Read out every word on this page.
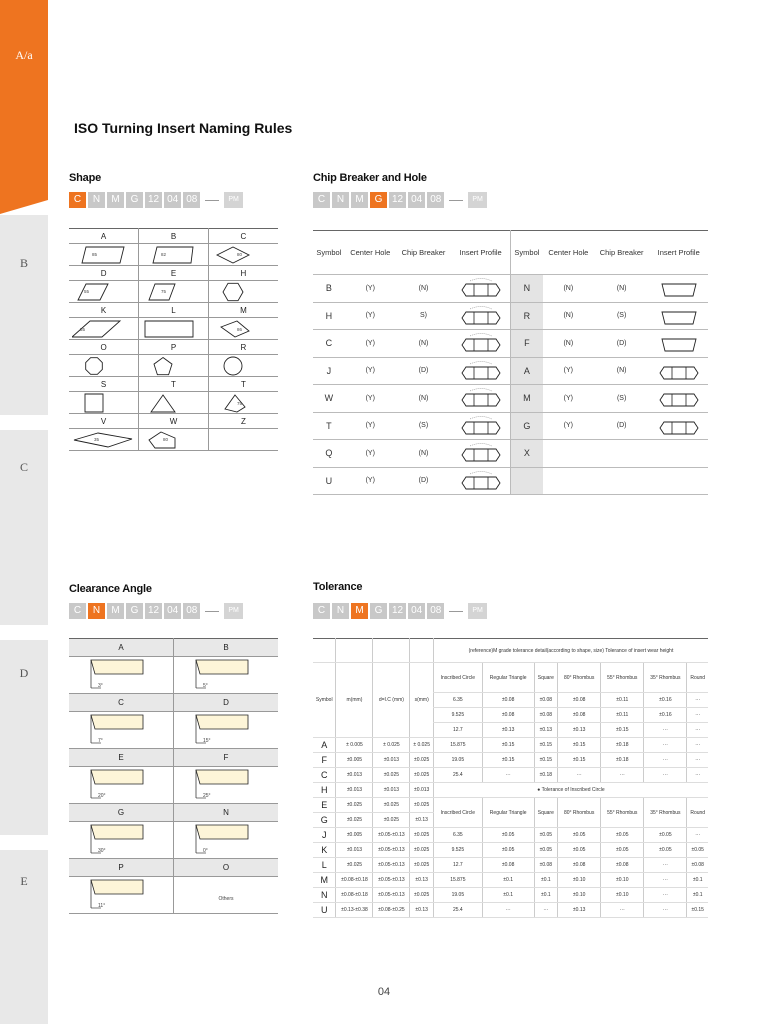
A/a
B
C
D
E
ISO Turning Insert Naming Rules
Shape	Chip Breaker and Hole
Clearance Angle	Tolerance
C	N	M	G 12 04 08	PM	C	N	M	G 12 04 08	PM
C	N	M	G 12 04 08	PM	C	N	M	G 12 04 08	PM
A	B	C

85	82	80

D	E	H

55	75

K	L	M

55		86

O	P	R

S	T	T

75

V	W	Z

35	80

Symbol	Center Hole	Chip Breaker	Insert Profile	Symbol	Center Hole	Chip Breaker	Insert Profile
B	(Y)	(N)		N	(N)	(N)	

H	(Y)	S)		R	(N)	(S)	

C	(Y)	(N)		F	(N)	(D)	

J	(Y)	(D)		A	(Y)	(N)	

W	(Y)	(N)		M	(Y)	(S)	

T	(Y)	(S)		G	(Y)	(D)	

Q	(Y)	(N)		X			
U	(Y)	(D)	

A	B

3°	5°

C	D

7°	15°

E	F

20°	25°

G	N

30°	0°

P	O

11°	Others
				(reference)M grade tolerance detail(according to shape, size) Tolerance of insert wear height						
Symbol	m(mm)	d=I.C (mm)	s(mm)	Inscribed Circle	Regular Triangle	Square	80° Rhombus	55° Rhombus	35° Rhombus	Round
				6.35	±0.08	±0.08	±0.08	±0.11	±0.16	···
				9.525	±0.08	±0.08	±0.08	±0.11	±0.16	···
				12.7	±0.13	±0.13	±0.13	±0.15	···	···
A	± 0.005	± 0.025	± 0.025	15.875	±0.15	±0.15	±0.15	±0.18	···	···
F	±0.005	±0.013	±0.025	19.05	±0.15	±0.15	±0.15	±0.18	···	···
C	±0.013	±0.025	±0.025	25.4	···	±0.18	···	···	···	···
H	±0.013	±0.013	±0.013	● Tolerance of Inscribed Circle						
E	±0.025	±0.025	±0.025	Inscribed Circle	Regular Triangle	Square	80° Rhombus	55° Rhombus	35° Rhombus	Round
G	±0.025	±0.025	±0.13							
J	±0.005	±0.05-±0.13	±0.025	6.35	±0.05	±0.05	±0.05	±0.05	±0.05	···
K	±0.013	±0.05-±0.13	±0.025	9.525	±0.05	±0.05	±0.05	±0.05	±0.05	±0.05
L	±0.025	±0.05-±0.13	±0.025	12.7	±0.08	±0.08	±0.08	±0.08	···	±0.08
M	±0.08-±0.18	±0.05-±0.13	±0.13	15.875	±0.1	±0.1	±0.10	±0.10	···	±0.1
N	±0.08-±0.18	±0.05-±0.13	±0.025	19.05	±0.1	±0.1	±0.10	±0.10	···	±0.1
U	±0.13-±0.38	±0.08-±0.25	±0.13	25.4	···	···	±0.13	···	···	±0.15
04
